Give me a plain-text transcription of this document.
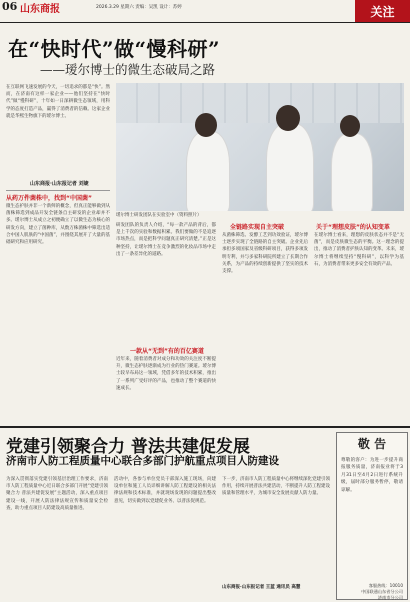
06 山东商报	2026.3.29 星期六 责编：吴凯 设计：苏婷	关注
在“快时代”做“慢科研”
——瑷尔博士的微生态破局之路
在互联网飞速发展的今天，一切追求的都是“快”。然而，在济南有这样一家企业——他们坚持在“快时代”做“慢科研”，十年如一日深耕微生态领域，用科学的态度打造产品，赢得了消费者的信赖。这家企业就是华熙生物旗下的瑷尔博士。
山东商报·山东报记者 刘婕
从药万件菌株中，找到“中国菌”
微生态护肤并非一个新鲜的概念，但真正能够做到从菌株筛选到成品开发全链条自主研发的企业却并不多。瑷尔博士从成立之初便确立了以微生态为核心的研发方向，建立了菌种库，从数万株菌株中筛选出适合中国人肌肤的“中国菌”，并围绕其展开了大量的基础研究和应用研究。
瑷尔博士研发团队在实验室中（资料照片）
研发团队的负责人介绍，“每一款产品的背后，都是上千次的实验和数据积累。我们要做的不是追逐市场热点，而是把科学问题真正研究清楚。”正是这种坚持，让瑷尔博士在竞争激烈的化妆品市场中走出了一条差异化的道路。
一款从“无到”有的百亿赛道
近年来，随着消费者对成分和功效的关注度不断提升，微生态护肤逐渐成为行业的热门赛道。瑷尔博士较早布局这一领域，凭借多年的技术积累，推出了一系列广受好评的产品，也推动了整个赛道的快速成长。
全链路实现自主突破
从菌株筛选、发酵工艺到功效验证，瑷尔博士逐步实现了全链路的自主突破。企业先后承担多项国家及省级科研项目，获得多项发明专利，并与多家科研院所建立了长期合作关系，为产品的持续创新提供了坚实的技术支撑。
关于“理想皮肤”的认知变革
在瑷尔博士看来，理想的皮肤状态并不是“无菌”，而是皮肤微生态的平衡。这一理念的提出，推动了消费者护肤认知的变革。未来，瑷尔博士将继续坚持“慢科研”，以科学为基石，为消费者带来更多安全有效的产品。
党建引领聚合力 普法共建促发展
济南市人防工程质量中心联合多部门护航重点项目人防建设
为深入贯彻落实党建引领基层治理工作要求，济南市人防工程质量中心近日联合多部门开展“党建引领聚合力 普法共建促发展”主题活动，深入重点项目建设一线，开展人防法律法规宣传和质量安全检查，助力重点项目人防建设高质量推进。
活动中，各参与单位党员干部深入施工现场，向建设单位和施工人员详细讲解人防工程建设的相关法律法规和技术标准，并就现场发现的问题提出整改意见，切实做到以党建促业务、以普法促规范。
下一步，济南市人防工程质量中心将继续深化党建引领作用，持续开展普法共建活动，不断提升人防工程建设质量和管理水平，为城市安全发展贡献人防力量。
山东商报·山东报记者 王蓝 通讯员 高慧
敬 告
尊敬的客户：为进一步提升商报服务质量，济南报业将于3月31日至4月2日进行系统升级，届时部分服务暂停，敬请谅解。
客服热线：10010
中国联通山东省分公司
济南市分公司
